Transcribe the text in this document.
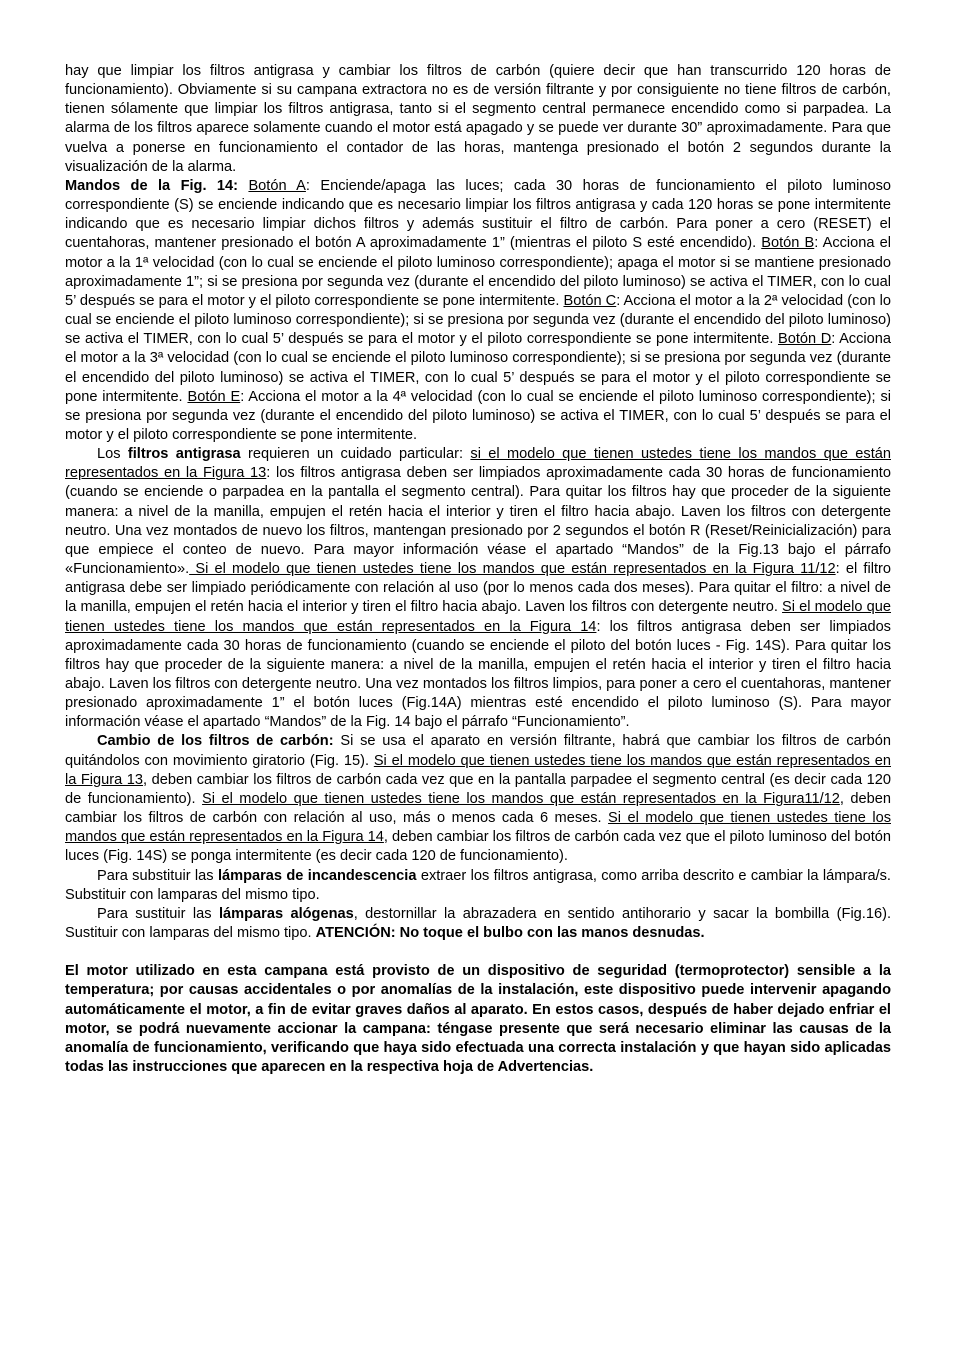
hay que limpiar los filtros antigrasa y cambiar los filtros de carbón (quiere decir que han transcurrido 120 horas de funcionamiento). Obviamente si su campana extractora no es de versión filtrante y por consiguiente no tiene filtros de carbón, tienen sólamente que limpiar los filtros antigrasa, tanto si el segmento central permanece encendido como si parpadea. La alarma de los filtros aparece solamente cuando el motor está apagado y se puede ver durante 30” aproximadamente. Para que vuelva a ponerse en funcionamiento el contador de las horas, mantenga presionado el botón 2 segundos durante la visualización de la alarma.

Mandos de la Fig. 14: Botón A: Enciende/apaga las luces; cada 30 horas de funcionamiento el piloto luminoso correspondiente (S) se enciende indicando que es necesario limpiar los filtros antigrasa y cada 120 horas se pone intermitente indicando que es necesario limpiar dichos filtros y además sustituir el filtro de carbón. Para poner a cero (RESET) el cuentahoras, mantener presionado el botón A aproximadamente 1” (mientras el piloto S esté encendido). Botón B: Acciona el motor a la 1ª velocidad (con lo cual se enciende el piloto luminoso correspondiente); apaga el motor si se mantiene presionado aproximadamente 1”; si se presiona por segunda vez (durante el encendido del piloto luminoso) se activa el TIMER, con lo cual 5’ después se para el motor y el piloto correspondiente se pone intermitente. Botón C: Acciona el motor a la 2ª velocidad (con lo cual se enciende el piloto luminoso correspondiente); si se presiona por segunda vez (durante el encendido del piloto luminoso) se activa el TIMER, con lo cual 5’ después se para el motor y el piloto correspondiente se pone intermitente. Botón D: Acciona el motor a la 3ª velocidad (con lo cual se enciende el piloto luminoso correspondiente); si se presiona por segunda vez (durante el encendido del piloto luminoso) se activa el TIMER, con lo cual 5’ después se para el motor y el piloto correspondiente se pone intermitente. Botón E: Acciona el motor a la 4ª velocidad (con lo cual se enciende el piloto luminoso correspondiente); si se presiona por segunda vez (durante el encendido del piloto luminoso) se activa el TIMER, con lo cual 5’ después se para el motor y el piloto correspondiente se pone intermitente.

Los filtros antigrasa requieren un cuidado particular: si el modelo que tienen ustedes tiene los mandos que están representados en la Figura 13: los filtros antigrasa deben ser limpiados aproximadamente cada 30 horas de funcionamiento (cuando se enciende o parpadea en la pantalla el segmento central). Para quitar los filtros hay que proceder de la siguiente manera: a nivel de la manilla, empujen el retén hacia el interior y tiren el filtro hacia abajo. Laven los filtros con detergente neutro. Una vez montados de nuevo los filtros, mantengan presionado por 2 segundos el botón R (Reset/Reinicialización) para que empiece el conteo de nuevo. Para mayor información véase el apartado “Mandos” de la Fig.13 bajo el párrafo «Funcionamiento». Si el modelo que tienen ustedes tiene los mandos que están representados en la Figura 11/12: el filtro antigrasa debe ser limpiado periódicamente con relación al uso (por lo menos cada dos meses). Para quitar el filtro: a nivel de la manilla, empujen el retén hacia el interior y tiren el filtro hacia abajo. Laven los filtros con detergente neutro. Si el modelo que tienen ustedes tiene los mandos que están representados en la Figura 14: los filtros antigrasa deben ser limpiados aproximadamente cada 30 horas de funcionamiento (cuando se enciende el piloto del botón luces - Fig. 14S). Para quitar los filtros hay que proceder de la siguiente manera: a nivel de la manilla, empujen el retén hacia el interior y tiren el filtro hacia abajo. Laven los filtros con detergente neutro. Una vez montados los filtros limpios, para poner a cero el cuentahoras, mantener presionado aproximadamente 1” el botón luces (Fig.14A) mientras esté encendido el piloto luminoso (S). Para mayor información véase el apartado “Mandos” de la Fig. 14 bajo el párrafo “Funcionamiento”.

Cambio de los filtros de carbón: Si se usa el aparato en versión filtrante, habrá que cambiar los filtros de carbón quitándolos con movimiento giratorio (Fig. 15). Si el modelo que tienen ustedes tiene los mandos que están representados en la Figura 13, deben cambiar los filtros de carbón cada vez que en la pantalla parpadee el segmento central (es decir cada 120 de funcionamiento). Si el modelo que tienen ustedes tiene los mandos que están representados en la Figura11/12, deben cambiar los filtros de carbón con relación al uso, más o menos cada 6 meses. Si el modelo que tienen ustedes tiene los mandos que están representados en la Figura 14, deben cambiar los filtros de carbón cada vez que el piloto luminoso del botón luces (Fig. 14S) se ponga intermitente (es decir cada 120 de funcionamiento).

Para substituir las lámparas de incandescencia extraer los filtros antigrasa, como arriba descrito e cambiar la lámpara/s. Substituir con lamparas del mismo tipo.

Para sustituir las lámparas alógenas, destornillar la abrazadera en sentido antihorario y sacar la bombilla (Fig.16). Sustituir con lamparas del mismo tipo. ATENCIÓN: No toque el bulbo con las manos desnudas.

El motor utilizado en esta campana está provisto de un dispositivo de seguridad (termoprotector) sensible a la temperatura; por causas accidentales o por anomalías de la instalación, este dispositivo puede intervenir apagando automáticamente el motor, a fin de evitar graves daños al aparato. En estos casos, después de haber dejado enfriar el motor, se podrá nuevamente accionar la campana: téngase presente que será necesario eliminar las causas de la anomalía de funcionamiento, verificando que haya sido efectuada una correcta instalación y que hayan sido aplicadas todas las instrucciones que aparecen en la respectiva hoja de Advertencias.
